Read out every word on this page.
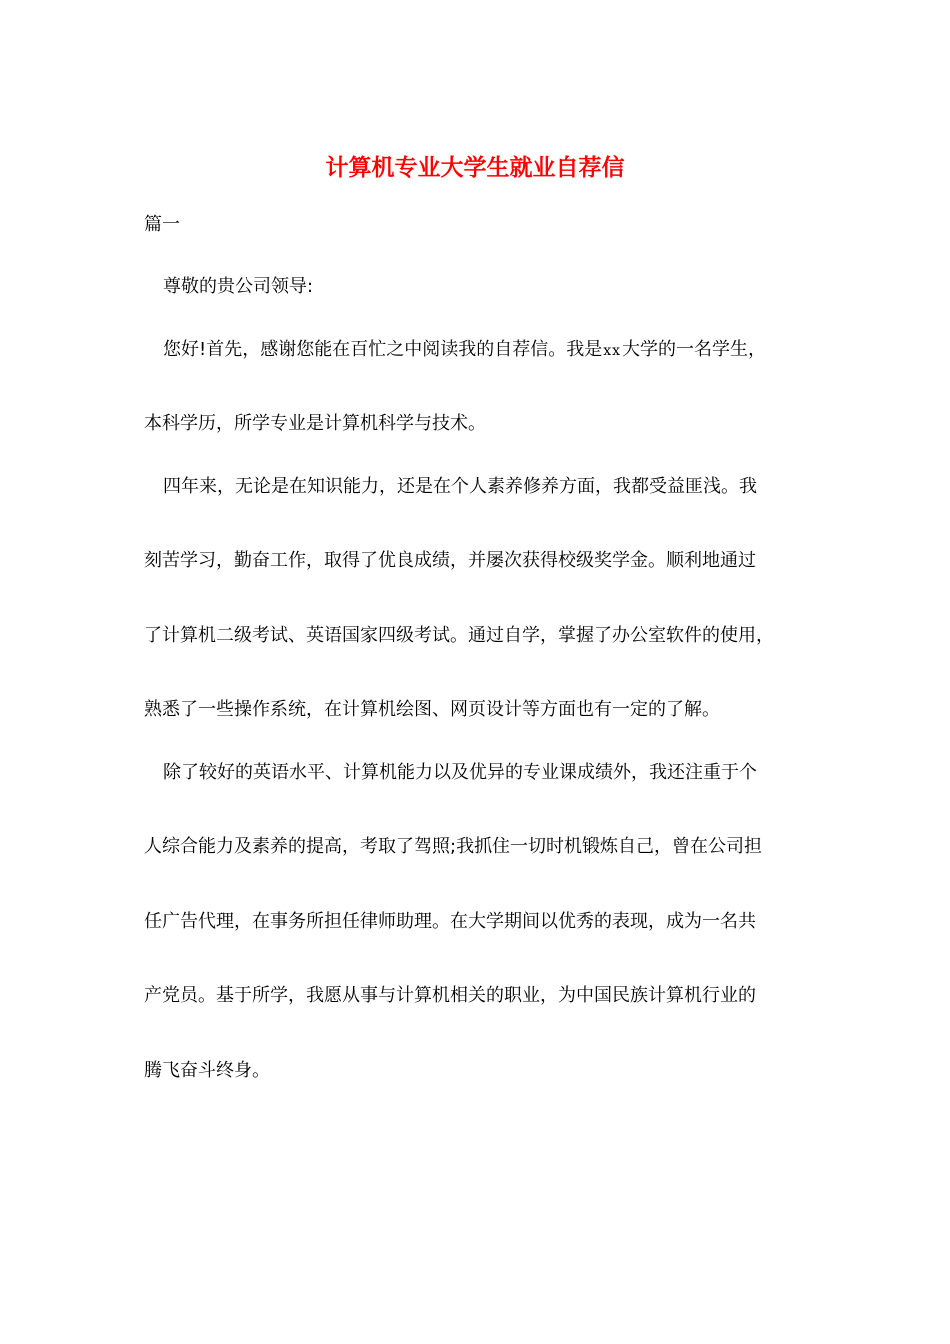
计算机专业大学生就业自荐信

篇一

尊敬的贵公司领导:

您好!首先，感谢您能在百忙之中阅读我的自荐信。我是xx大学的一名学生，

本科学历，所学专业是计算机科学与技术。

四年来，无论是在知识能力，还是在个人素养修养方面，我都受益匪浅。我

刻苦学习，勤奋工作，取得了优良成绩，并屡次获得校级奖学金。顺利地通过

了计算机二级考试、英语国家四级考试。通过自学，掌握了办公室软件的使用，

熟悉了一些操作系统，在计算机绘图、网页设计等方面也有一定的了解。

除了较好的英语水平、计算机能力以及优异的专业课成绩外，我还注重于个

人综合能力及素养的提高，考取了驾照;我抓住一切时机锻炼自己，曾在公司担

任广告代理，在事务所担任律师助理。在大学期间以优秀的表现，成为一名共

产党员。基于所学，我愿从事与计算机相关的职业，为中国民族计算机行业的

腾飞奋斗终身。
